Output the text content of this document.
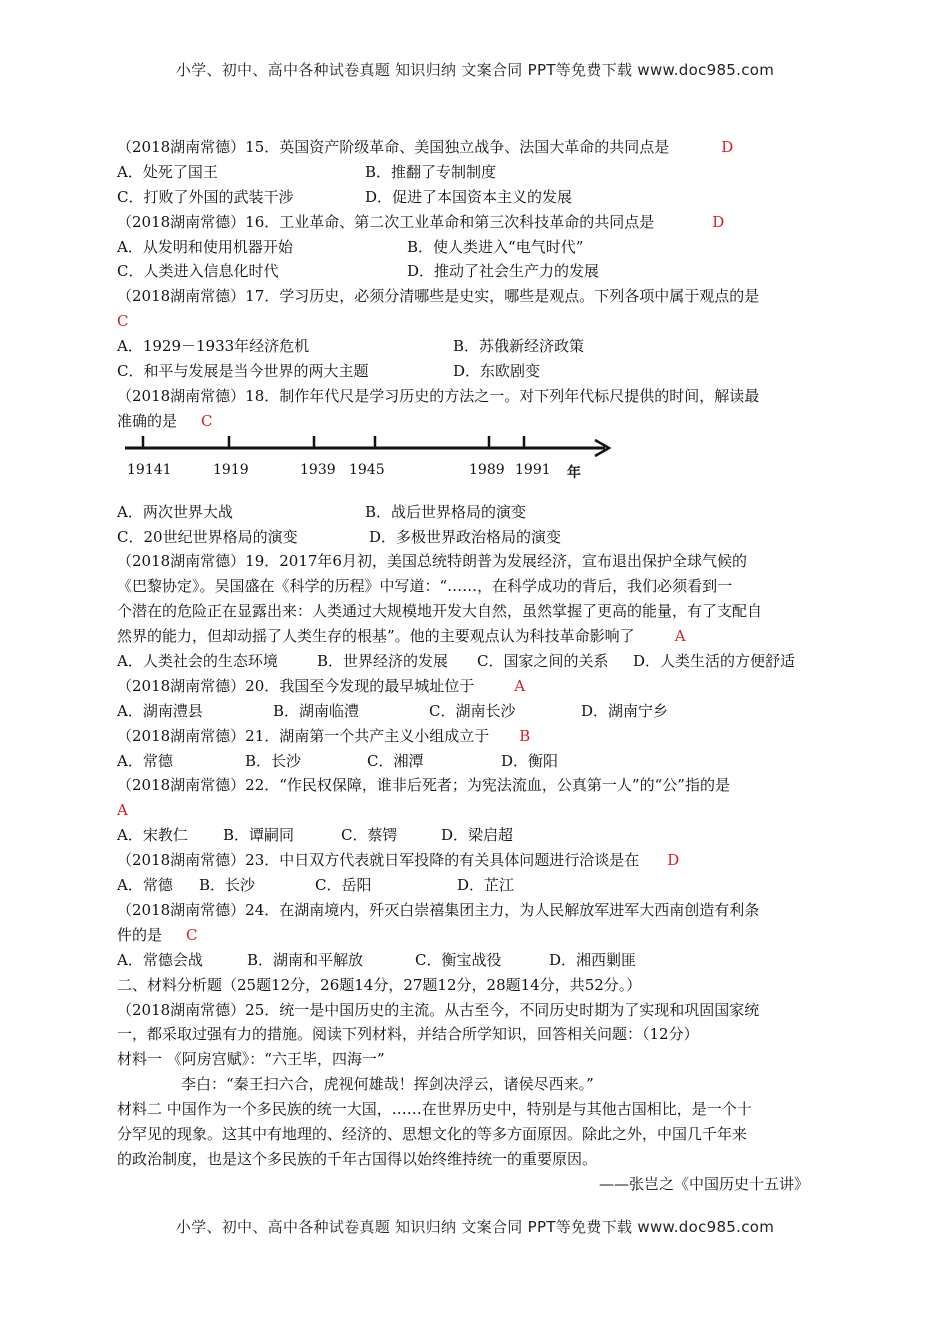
小学、初中、高中各种试卷真题 知识归纳 文案合同 PPT等免费下载 www.doc985.com
（2018湖南常德）15．英国资产阶级革命、美国独立战争、法国大革命的共同点是	D
A．处死了国王	B．推翻了专制制度
C．打败了外国的武装干涉	D．促进了本国资本主义的发展
（2018湖南常德）16．工业革命、第二次工业革命和第三次科技革命的共同点是	D
A．从发明和使用机器开始	B．使人类进入“电气时代”
C．人类进入信息化时代	D．推动了社会生产力的发展
（2018湖南常德）17．学习历史，必须分清哪些是史实，哪些是观点。下列各项中属于观点的是
C
A．1929－1933年经济危机	B．苏俄新经济政策
C．和平与发展是当今世界的两大主题	D．东欧剧变
（2018湖南常德）18．制作年代尺是学习历史的方法之一。对下列年代标尺提供的时间，解读最
准确的是 C
19141	1919	1939 1945	1989 1991 年
A．两次世界大战	B．战后世界格局的演变
C．20世纪世界格局的演变	D．多极世界政治格局的演变
（2018湖南常德）19．2017年6月初，美国总统特朗普为发展经济，宣布退出保护全球气候的
《巴黎协定》。吴国盛在《科学的历程》中写道：“……，在科学成功的背后，我们必须看到一
个潜在的危险正在显露出来：人类通过大规模地开发大自然，虽然掌握了更高的能量，有了支配自
然界的能力，但却动摇了人类生存的根基”。他的主要观点认为科技革命影响了	A
A．人类社会的生态环境	B．世界经济的发展 C．国家之间的关系 D．人类生活的方便舒适
（2018湖南常德）20．我国至今发现的最早城址位于	A
A．湖南澧县	B．湖南临澧	C．湖南长沙	D．湖南宁乡
（2018湖南常德）21．湖南第一个共产主义小组成立于 B
A．常德	B．长沙	C．湘潭	D．衡阳
（2018湖南常德）22．“作民权保障，谁非后死者；为宪法流血，公真第一人”的“公”指的是
A
A．宋教仁 B．谭嗣同	C．蔡锷	D．梁启超
（2018湖南常德）23．中日双方代表就日军投降的有关具体问题进行洽谈是在 D
A．常德 B．长沙	C．岳阳	D．芷江
（2018湖南常德）24．在湖南境内，歼灭白崇禧集团主力，为人民解放军进军大西南创造有利条
件的是 C
A．常德会战	B．湖南和平解放	C．衡宝战役	D．湘西剿匪
二、材料分析题（25题12分，26题14分，27题12分，28题14分，共52分。）
（2018湖南常德）25．统一是中国历史的主流。从古至今，不同历史时期为了实现和巩固国家统
一，都采取过强有力的措施。阅读下列材料，并结合所学知识，回答相关问题：（12分）
材料一 《阿房宫赋》：“六王毕，四海一”
李白：“秦王扫六合，虎视何雄哉！挥剑决浮云，诸侯尽西来。”
材料二 中国作为一个多民族的统一大国，……在世界历史中，特别是与其他古国相比，是一个十
分罕见的现象。这其中有地理的、经济的、思想文化的等多方面原因。除此之外，中国几千年来
的政治制度，也是这个多民族的千年古国得以始终维持统一的重要原因。
——张岂之《中国历史十五讲》
小学、初中、高中各种试卷真题 知识归纳 文案合同 PPT等免费下载 www.doc985.com
